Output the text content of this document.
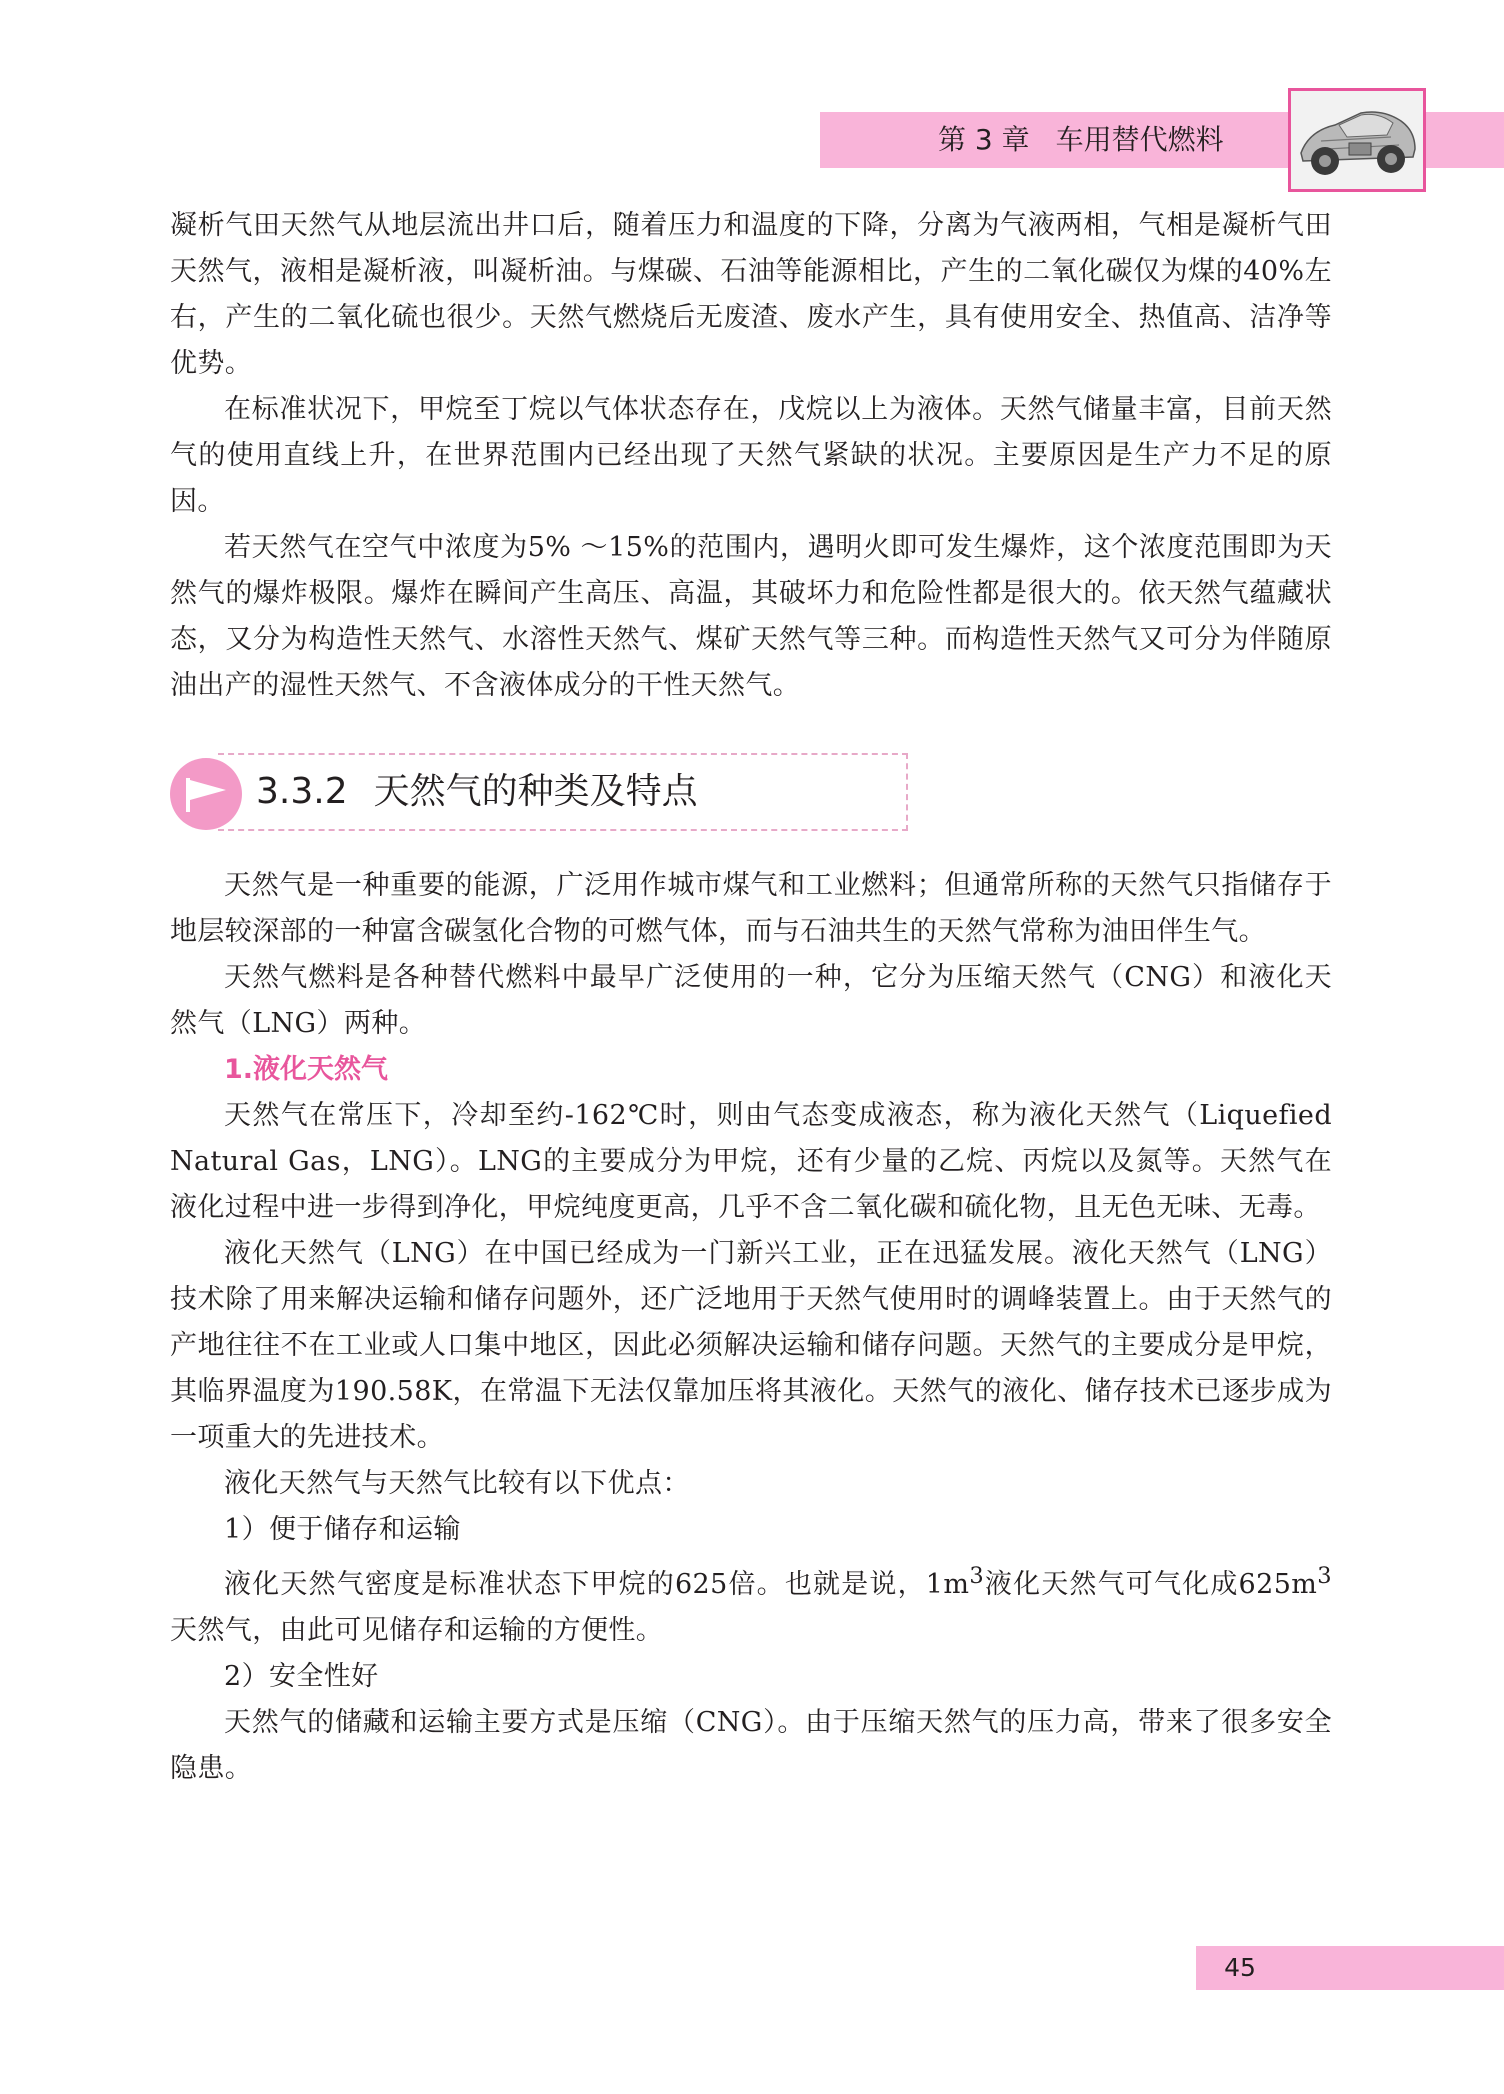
第 3 章 车用替代燃料

凝析气田天然气从地层流出井口后，随着压力和温度的下降，分离为气液两相，气相是凝析气田天然气，液相是凝析液，叫凝析油。与煤碳、石油等能源相比，产生的二氧化碳仅为煤的40%左右，产生的二氧化硫也很少。天然气燃烧后无废渣、废水产生，具有使用安全、热值高、洁净等优势。

在标准状况下，甲烷至丁烷以气体状态存在，戊烷以上为液体。天然气储量丰富，目前天然气的使用直线上升，在世界范围内已经出现了天然气紧缺的状况。主要原因是生产力不足的原因。

若天然气在空气中浓度为5% ～15%的范围内，遇明火即可发生爆炸，这个浓度范围即为天然气的爆炸极限。爆炸在瞬间产生高压、高温，其破坏力和危险性都是很大的。依天然气蕴藏状态，又分为构造性天然气、水溶性天然气、煤矿天然气等三种。而构造性天然气又可分为伴随原油出产的湿性天然气、不含液体成分的干性天然气。

3.3.2 天然气的种类及特点

天然气是一种重要的能源，广泛用作城市煤气和工业燃料；但通常所称的天然气只指储存于地层较深部的一种富含碳氢化合物的可燃气体，而与石油共生的天然气常称为油田伴生气。

天然气燃料是各种替代燃料中最早广泛使用的一种，它分为压缩天然气（CNG）和液化天然气（LNG）两种。

1.液化天然气

天然气在常压下，冷却至约-162℃时，则由气态变成液态，称为液化天然气（Liquefied Natural Gas，LNG）。LNG的主要成分为甲烷，还有少量的乙烷、丙烷以及氮等。天然气在液化过程中进一步得到净化，甲烷纯度更高，几乎不含二氧化碳和硫化物，且无色无味、无毒。

液化天然气（LNG）在中国已经成为一门新兴工业，正在迅猛发展。液化天然气（LNG）技术除了用来解决运输和储存问题外，还广泛地用于天然气使用时的调峰装置上。由于天然气的产地往往不在工业或人口集中地区，因此必须解决运输和储存问题。天然气的主要成分是甲烷，其临界温度为190.58K，在常温下无法仅靠加压将其液化。天然气的液化、储存技术已逐步成为一项重大的先进技术。

液化天然气与天然气比较有以下优点：

1）便于储存和运输

液化天然气密度是标准状态下甲烷的625倍。也就是说，$1m^3$液化天然气可气化成$625m^3$天然气，由此可见储存和运输的方便性。

2）安全性好

天然气的储藏和运输主要方式是压缩（CNG）。由于压缩天然气的压力高，带来了很多安全隐患。

45
